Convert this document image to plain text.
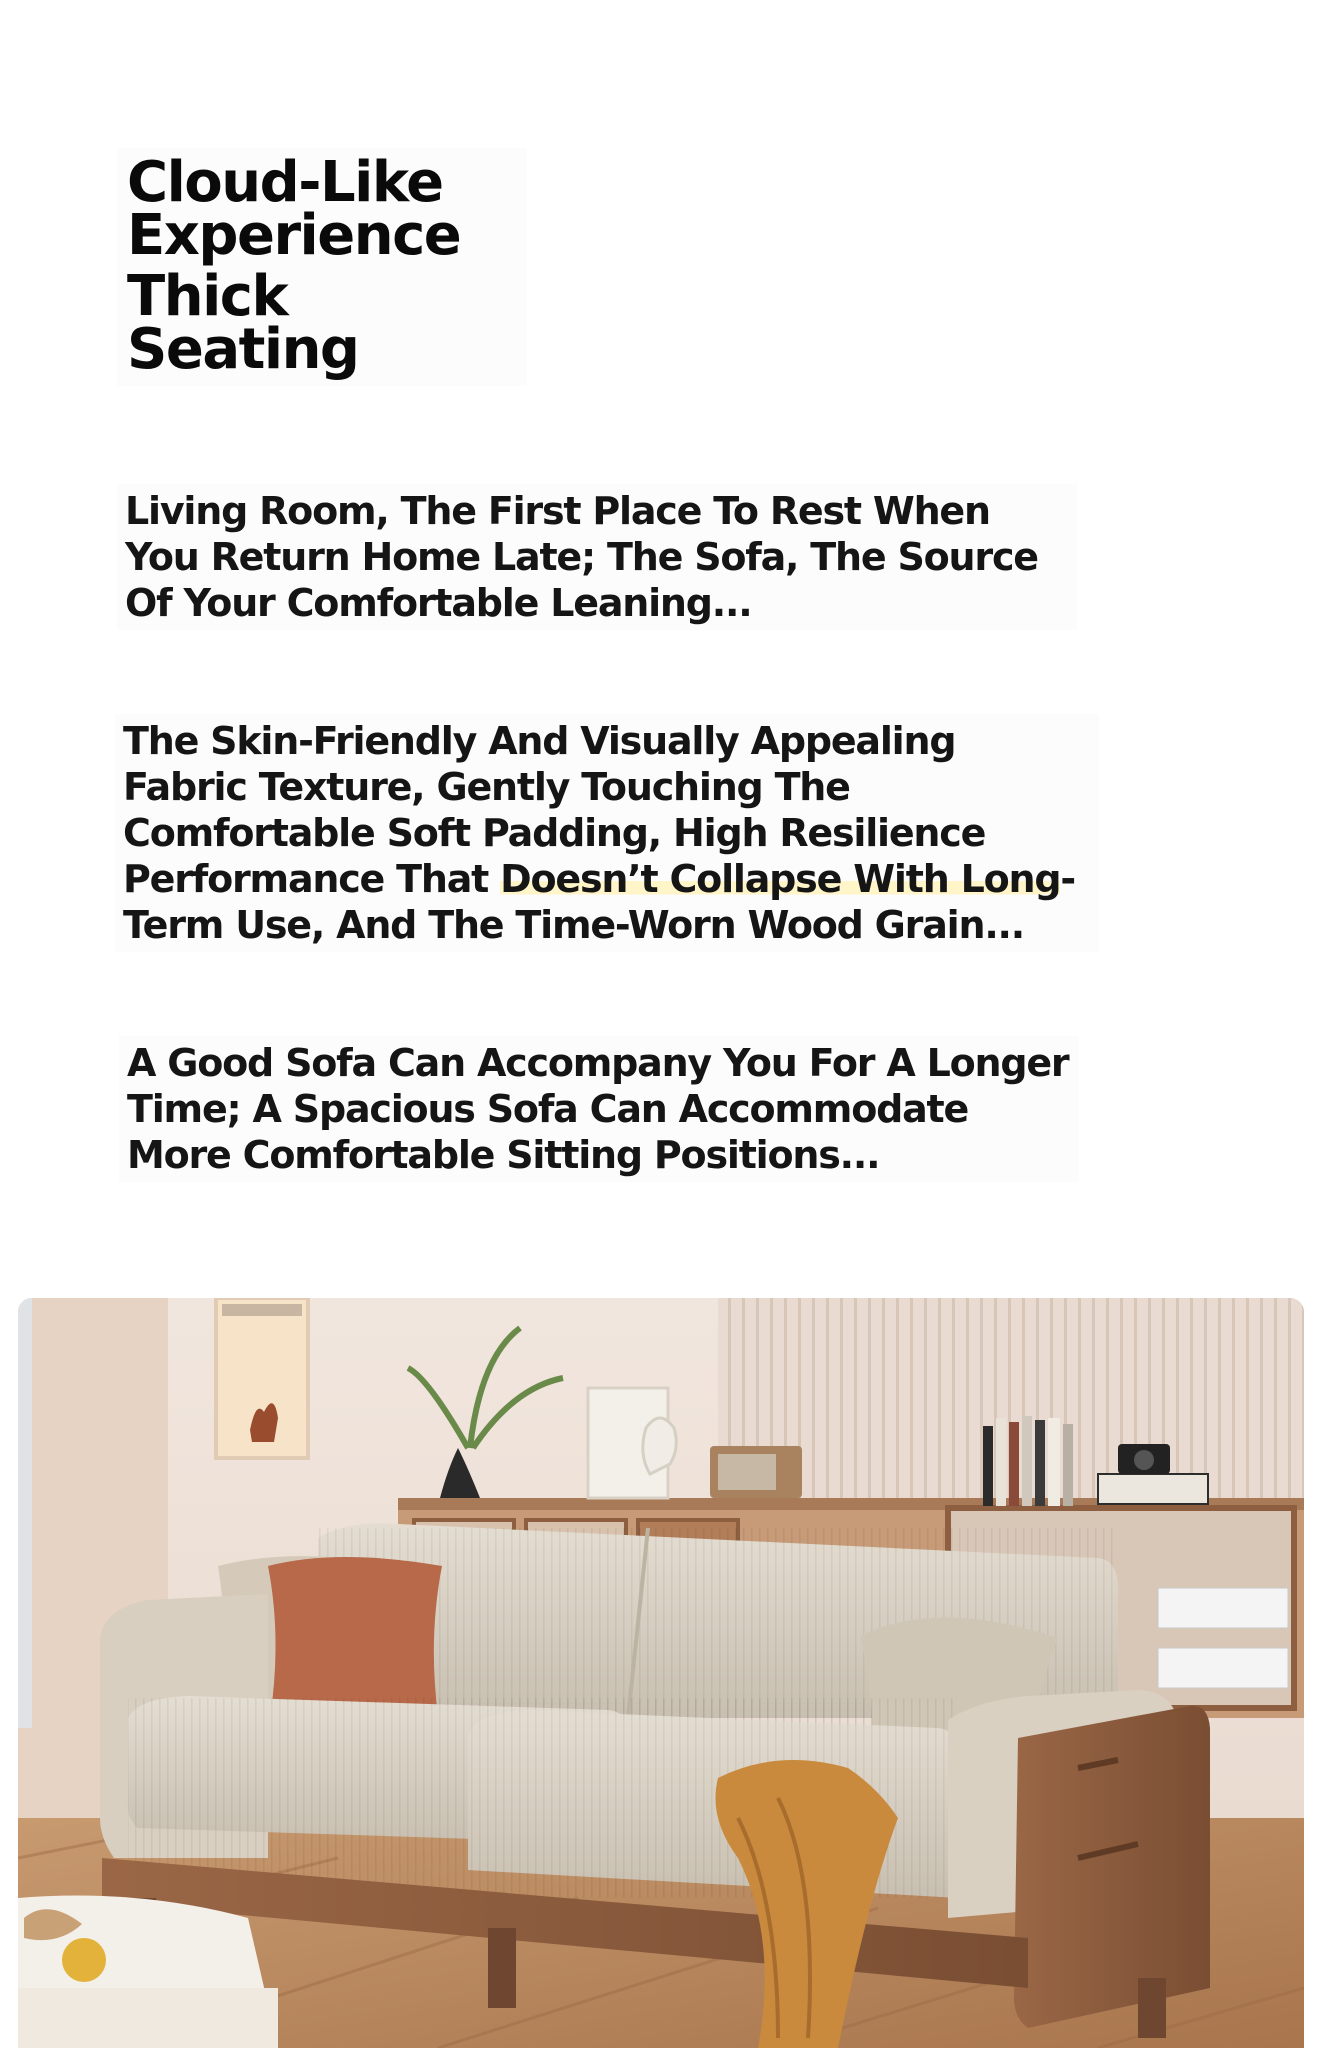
Cloud-Like
Experience
Thick
Seating
Living Room, The First Place To Rest When You Return Home Late; The Sofa, The Source Of Your Comfortable Leaning...
The Skin-Friendly And Visually Appealing Fabric Texture, Gently Touching The Comfortable Soft Padding, High Resilience Performance That Doesn’t Collapse With Long-Term Use, And The Time-Worn Wood Grain...
A Good Sofa Can Accompany You For A Longer Time; A Spacious Sofa Can Accommodate More Comfortable Sitting Positions...
